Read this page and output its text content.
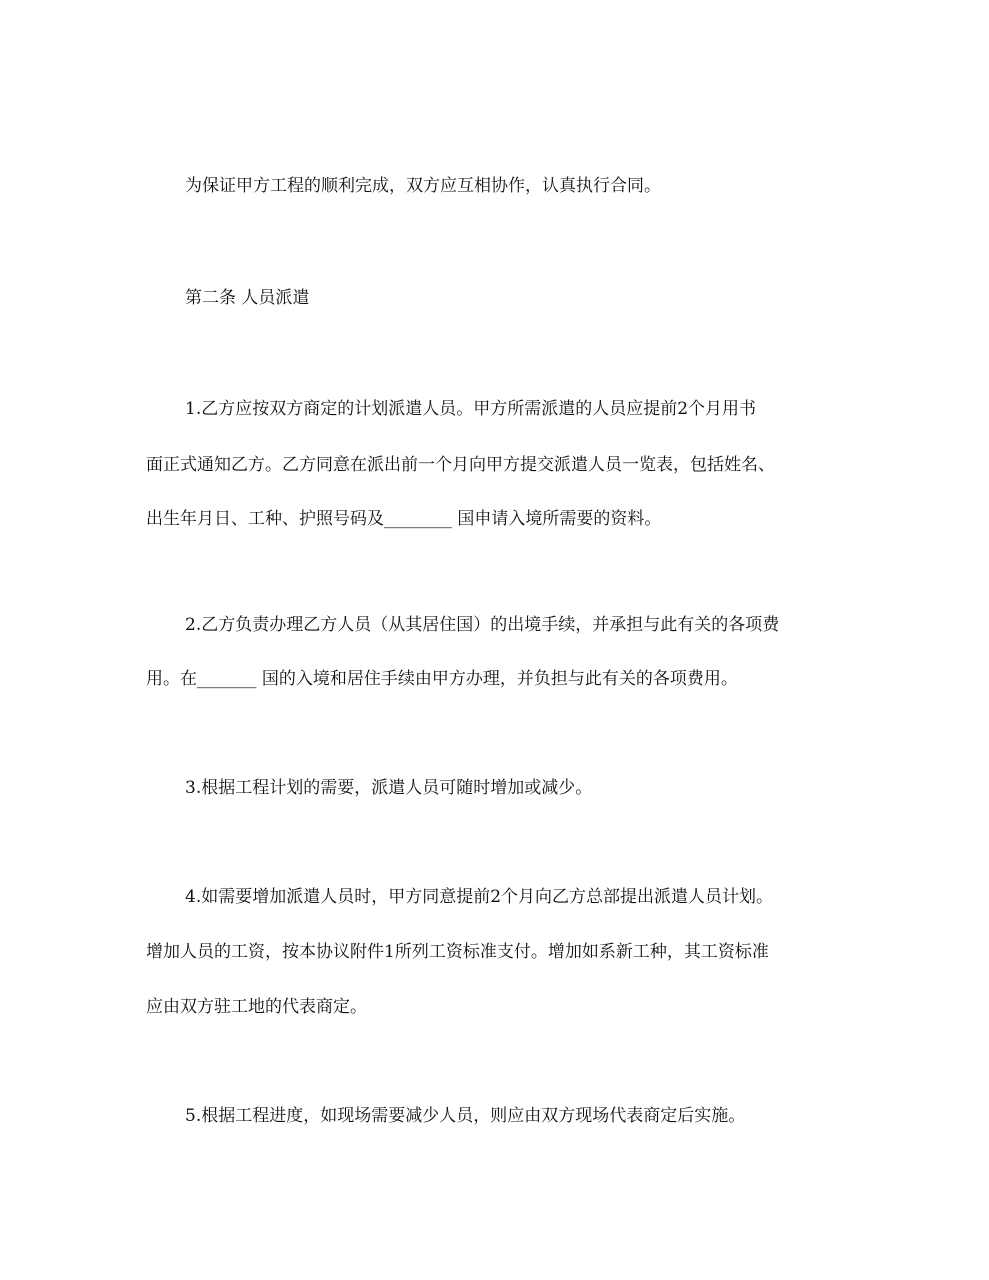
为保证甲方工程的顺利完成，双方应互相协作，认真执行合同。
第二条 人员派遣
1.乙方应按双方商定的计划派遣人员。甲方所需派遣的人员应提前2个月用书
面正式通知乙方。乙方同意在派出前一个月向甲方提交派遣人员一览表，包括姓名、
出生年月日、工种、护照号码及________ 国申请入境所需要的资料。
2.乙方负责办理乙方人员（从其居住国）的出境手续，并承担与此有关的各项费
用。在_______ 国的入境和居住手续由甲方办理，并负担与此有关的各项费用。
3.根据工程计划的需要，派遣人员可随时增加或减少。
4.如需要增加派遣人员时，甲方同意提前2个月向乙方总部提出派遣人员计划。
增加人员的工资，按本协议附件1所列工资标准支付。增加如系新工种，其工资标准
应由双方驻工地的代表商定。
5.根据工程进度，如现场需要减少人员，则应由双方现场代表商定后实施。
